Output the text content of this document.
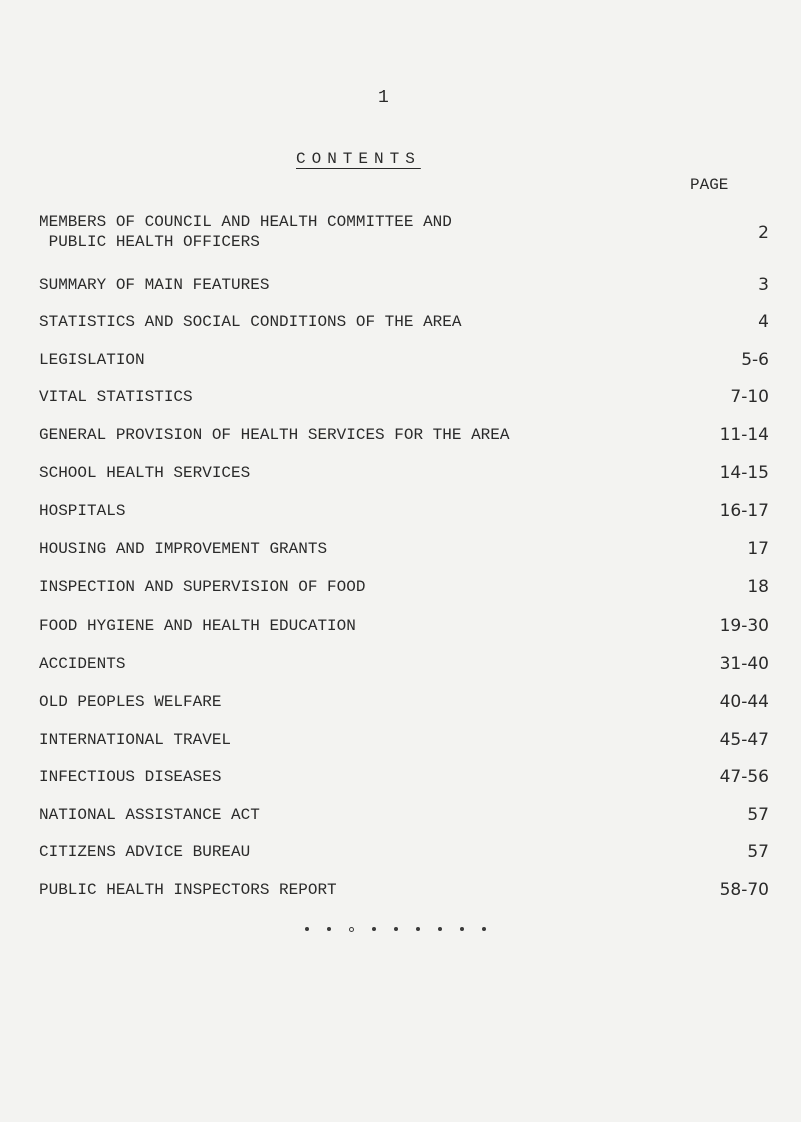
1
CONTENTS
PAGE
MEMBERS OF COUNCIL AND HEALTH COMMITTEE AND
PUBLIC HEALTH OFFICERS	2
SUMMARY OF MAIN FEATURES	3
STATISTICS AND SOCIAL CONDITIONS OF THE AREA	4
LEGISLATION	5-6
VITAL STATISTICS	7-10
GENERAL PROVISION OF HEALTH SERVICES FOR THE AREA	11-14
SCHOOL HEALTH SERVICES	14-15
HOSPITALS	16-17
HOUSING AND IMPROVEMENT GRANTS	17
INSPECTION AND SUPERVISION OF FOOD	18
FOOD HYGIENE AND HEALTH EDUCATION	19-30
ACCIDENTS	31-40
OLD PEOPLES WELFARE	40-44
INTERNATIONAL TRAVEL	45-47
INFECTIOUS DISEASES	47-56
NATIONAL ASSISTANCE ACT	57
CITIZENS ADVICE BUREAU	57
PUBLIC HEALTH INSPECTORS REPORT	58-70
